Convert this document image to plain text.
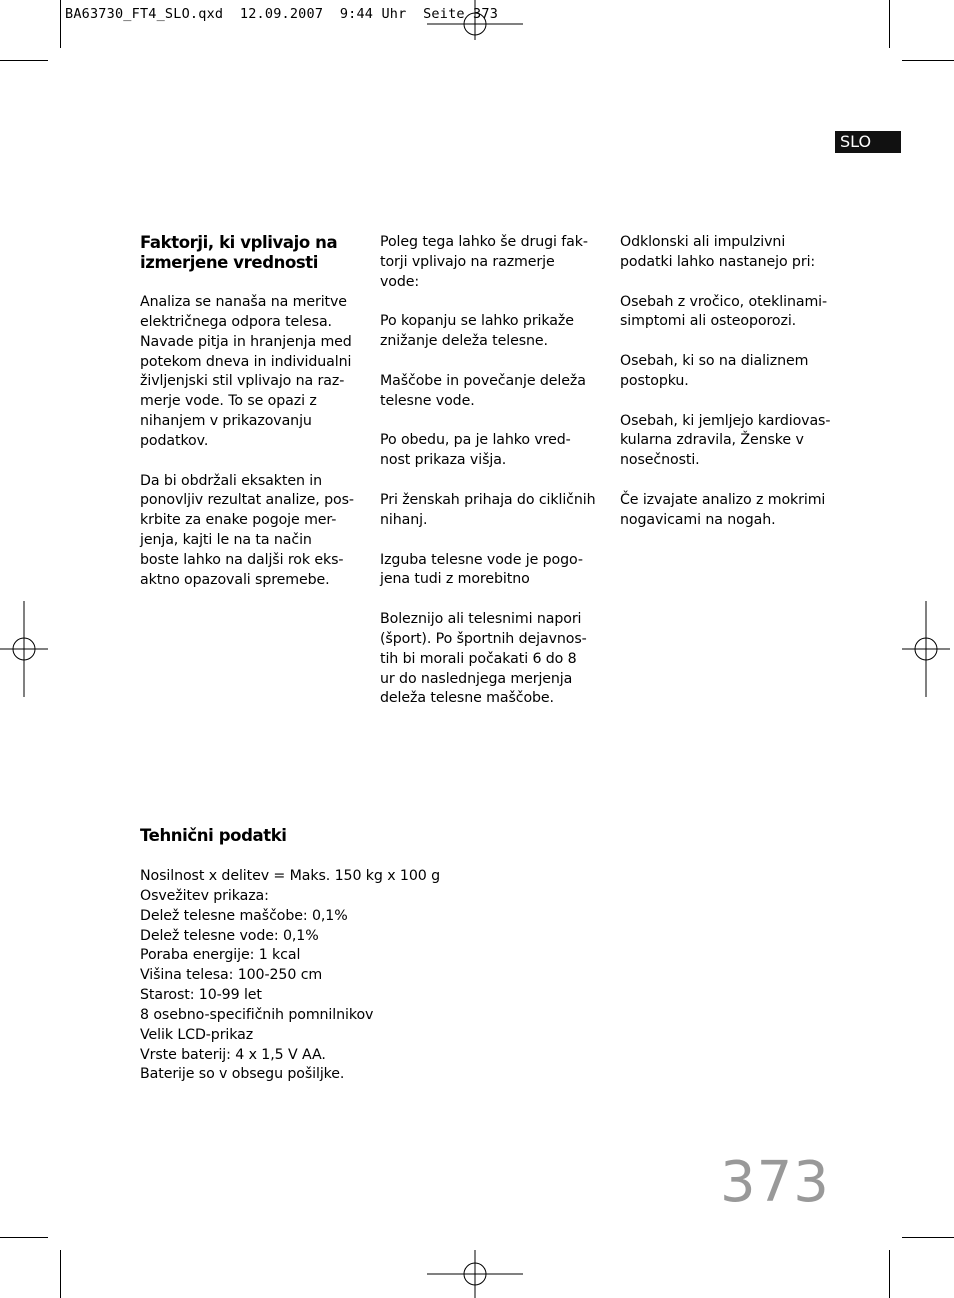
BA63730_FT4_SLO.qxd  12.09.2007  9:44 Uhr  Seite 373
SLO
Faktorji, ki vplivajo na
izmerjene vrednosti

Analiza se nanaša na meritve
električnega odpora telesa.
Navade pitja in hranjenja med
potekom dneva in individualni
življenjski stil vplivajo na raz-
merje vode. To se opazi z
nihanjem v prikazovanju
podatkov.

Da bi obdržali eksakten in
ponovljiv rezultat analize, pos-
krbite za enake pogoje mer-
jenja, kajti le na ta način
boste lahko na daljši rok eks-
aktno opazovali spremebe.

Poleg tega lahko še drugi fak-
torji vplivajo na razmerje
vode:

Po kopanju se lahko prikaže
znižanje deleža telesne.

Maščobe in povečanje deleža
telesne vode.

Po obedu, pa je lahko vred-
nost prikaza višja.

Pri ženskah prihaja do cikličnih
nihanj.

Izguba telesne vode je pogo-
jena tudi z morebitno

Boleznijo ali telesnimi napori
(šport). Po športnih dejavnos-
tih bi morali počakati 6 do 8
ur do naslednjega merjenja
deleža telesne maščobe.

Odklonski ali impulzivni
podatki lahko nastanejo pri:

Osebah z vročico, oteklinami-
simptomi ali osteoporozi.

Osebah, ki so na dializnem
postopku.

Osebah, ki jemljejo kardiovas-
kularna zdravila, Ženske v
nosečnosti.

Če izvajate analizo z mokrimi
nogavicami na nogah.

Tehnični podatki
Nosilnost x delitev = Maks. 150 kg x 100 g
Osvežitev prikaza:
Delež telesne maščobe: 0,1%
Delež telesne vode: 0,1%
Poraba energije: 1 kcal
Višina telesa: 100-250 cm
Starost: 10-99 let
8 osebno-specifičnih pomnilnikov
Velik LCD-prikaz
Vrste baterij: 4 x 1,5 V AA.
Baterije so v obsegu pošiljke.
373
